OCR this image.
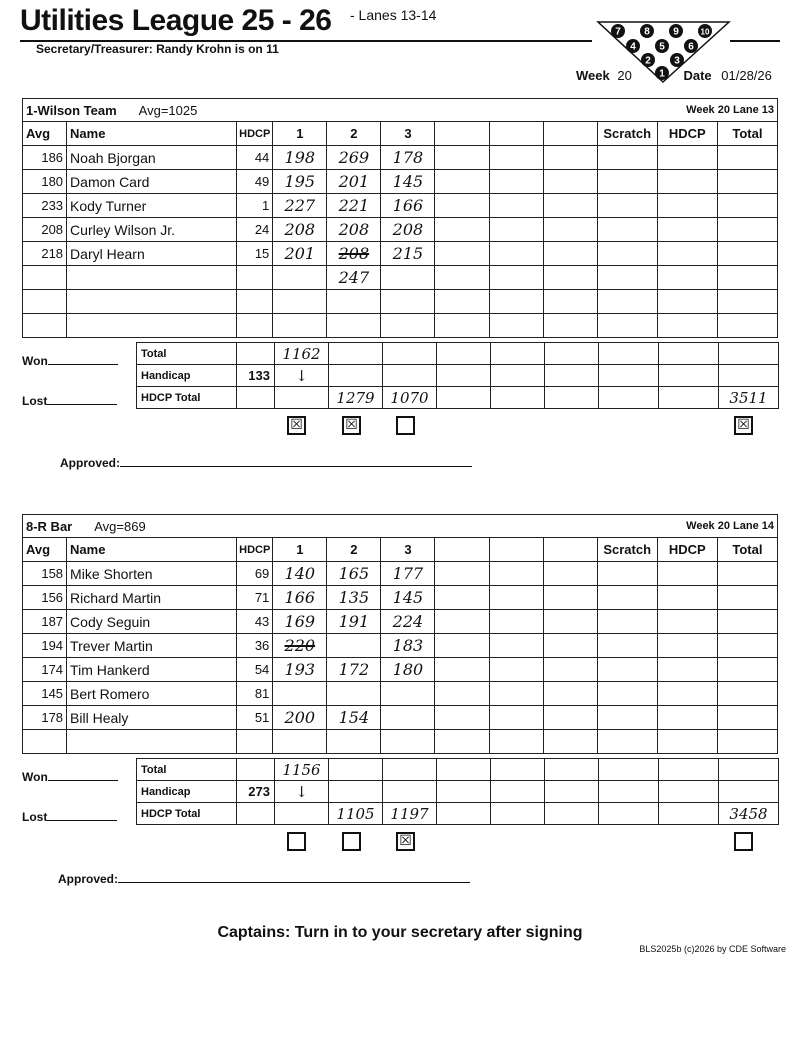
Utilities League 25 - 26 - Lanes 13-14
Secretary/Treasurer: Randy Krohn is on 11
7 8 9	10
4 5 6
2 3
1
Week 20	Date 01/28/26
1-Wilson Team Avg=1025						Week 20 Lane 13					
Avg	Name	HDCP	1	2	3				Scratch	HDCP	Total
186	Noah Bjorgan	44	198	269	178						
180	Damon Card	49	195	201	145						
233	Kody Turner	1	227	221	166						
208	Curley Wilson Jr.	24	208	208	208						
218	Daryl Hearn	15	201	208	215						
				247							

Total		1162								
Handicap	133	↓								
HDCP Total			1279	1070						3511
Won
Lost
☒	☒	☒
Approved:
8-R Bar Avg=869						Week 20 Lane 14					
Avg	Name	HDCP	1	2	3				Scratch	HDCP	Total
158	Mike Shorten	69	140	165	177						
156	Richard Martin	71	166	135	145						
187	Cody Seguin	43	169	191	224						
194	Trever Martin	36	220		183						
174	Tim Hankerd	54	193	172	180						
145	Bert Romero	81									
178	Bill Healy	51	200	154							

Total		1156								
Handicap	273	↓								
HDCP Total			1105	1197						3458
Won
Lost
☒
Approved:
Captains: Turn in to your secretary after signing
BLS2025b (c)2026 by CDE Software
